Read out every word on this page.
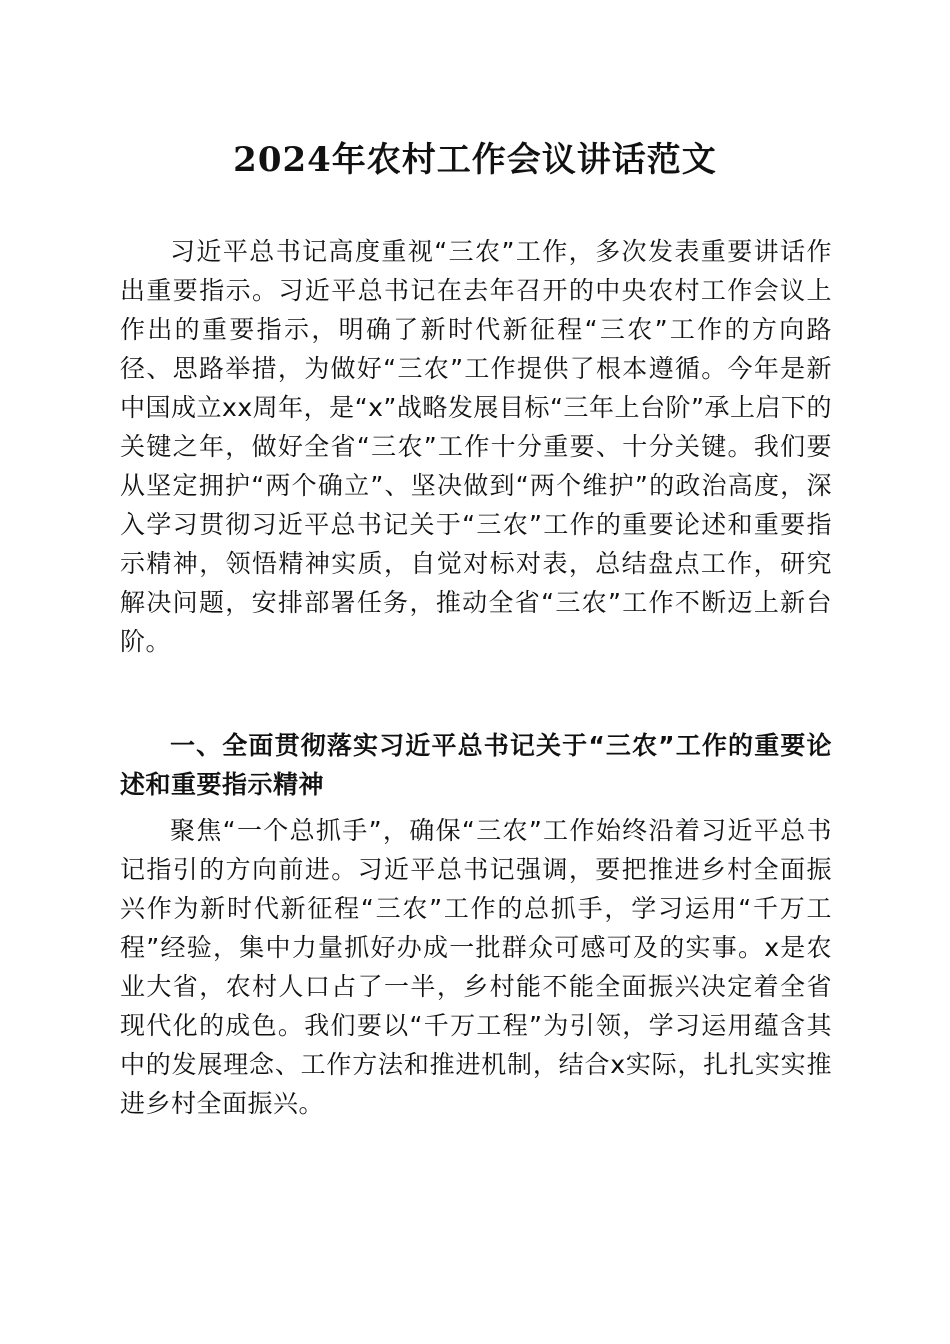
2024年农村工作会议讲话范文
习近平总书记高度重视“三农”工作，多次发表重要讲话作出重要指示。习近平总书记在去年召开的中央农村工作会议上作出的重要指示，明确了新时代新征程“三农”工作的方向路径、思路举措，为做好“三农”工作提供了根本遵循。今年是新中国成立xx周年，是“x”战略发展目标“三年上台阶”承上启下的关键之年，做好全省“三农”工作十分重要、十分关键。我们要从坚定拥护“两个确立”、坚决做到“两个维护”的政治高度，深入学习贯彻习近平总书记关于“三农”工作的重要论述和重要指示精神，领悟精神实质，自觉对标对表，总结盘点工作，研究解决问题，安排部署任务，推动全省“三农”工作不断迈上新台阶。
一、全面贯彻落实习近平总书记关于“三农”工作的重要论述和重要指示精神
聚焦“一个总抓手”，确保“三农”工作始终沿着习近平总书记指引的方向前进。习近平总书记强调，要把推进乡村全面振兴作为新时代新征程“三农”工作的总抓手，学习运用“千万工程”经验，集中力量抓好办成一批群众可感可及的实事。x是农业大省，农村人口占了一半，乡村能不能全面振兴决定着全省现代化的成色。我们要以“千万工程”为引领，学习运用蕴含其中的发展理念、工作方法和推进机制，结合x实际，扎扎实实推进乡村全面振兴。
